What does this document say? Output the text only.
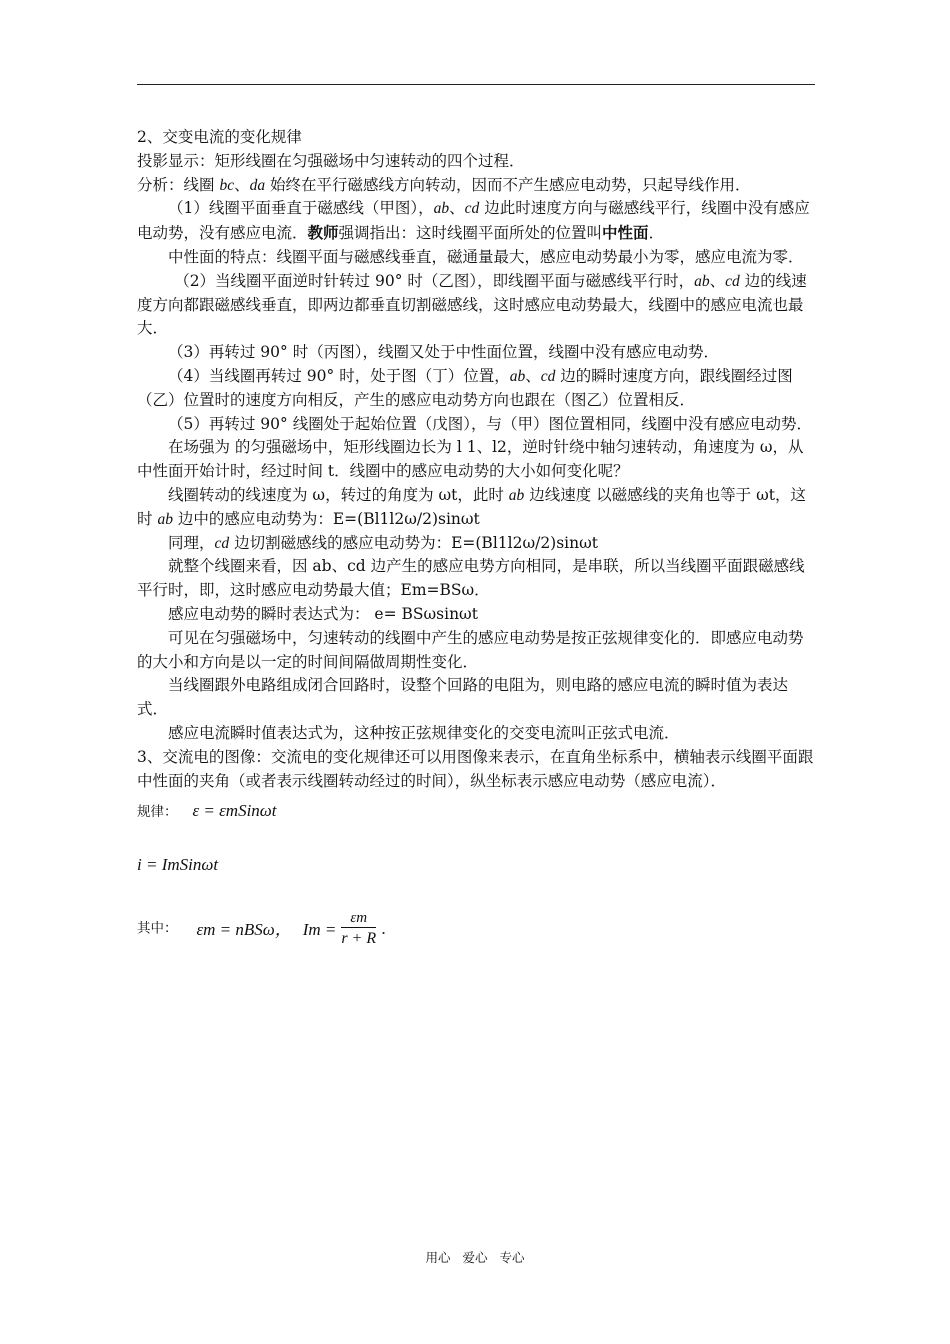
2、交变电流的变化规律

投影显示：矩形线圈在匀强磁场中匀速转动的四个过程．

分析：线圈 bc、da 始终在平行磁感线方向转动，因而不产生感应电动势，只起导线作用．

（1）线圈平面垂直于磁感线（甲图），ab、cd 边此时速度方向与磁感线平行，线圈中没有感应电动势，没有感应电流．教师强调指出：这时线圈平面所处的位置叫中性面．

中性面的特点：线圈平面与磁感线垂直，磁通量最大，感应电动势最小为零，感应电流为零．

（2）当线圈平面逆时针转过 90° 时（乙图），即线圈平面与磁感线平行时，ab、cd 边的线速度方向都跟磁感线垂直，即两边都垂直切割磁感线，这时感应电动势最大，线圈中的感应电流也最大．

（3）再转过 90° 时（丙图），线圈又处于中性面位置，线圈中没有感应电动势．

（4）当线圈再转过 90° 时，处于图（丁）位置，ab、cd 边的瞬时速度方向，跟线圈经过图（乙）位置时的速度方向相反，产生的感应电动势方向也跟在（图乙）位置相反．

（5）再转过 90° 线圈处于起始位置（戊图），与（甲）图位置相同，线圈中没有感应电动势．

在场强为 的匀强磁场中，矩形线圈边长为 l 1、l2，逆时针绕中轴匀速转动，角速度为 ω，从中性面开始计时，经过时间 t．线圈中的感应电动势的大小如何变化呢？

线圈转动的线速度为 ω，转过的角度为 ωt，此时 ab 边线速度 以磁感线的夹角也等于 ωt，这时 ab 边中的感应电动势为：E=(Bl1l2ω/2)sinωt

同理，cd 边切割磁感线的感应电动势为：E=(Bl1l2ω/2)sinωt

就整个线圈来看，因 ab、cd 边产生的感应电势方向相同，是串联，所以当线圈平面跟磁感线平行时，即，这时感应电动势最大值；Em=BSω．

感应电动势的瞬时表达式为： e= BSωsinωt

可见在匀强磁场中，匀速转动的线圈中产生的感应电动势是按正弦规律变化的．即感应电动势的大小和方向是以一定的时间间隔做周期性变化．

当线圈跟外电路组成闭合回路时，设整个回路的电阻为，则电路的感应电流的瞬时值为表达式．

感应电流瞬时值表达式为，这种按正弦规律变化的交变电流叫正弦式电流．

3、交流电的图像：交流电的变化规律还可以用图像来表示，在直角坐标系中，横轴表示线圈平面跟中性面的夹角（或者表示线圈转动经过的时间），纵坐标表示感应电动势（感应电流）．

规律： ε = εmSinωt
i = ImSinωt
其中： εm = nBSω， $Im = \frac{\varepsilon m}{r + R}$ ．
用心 爱心 专心
